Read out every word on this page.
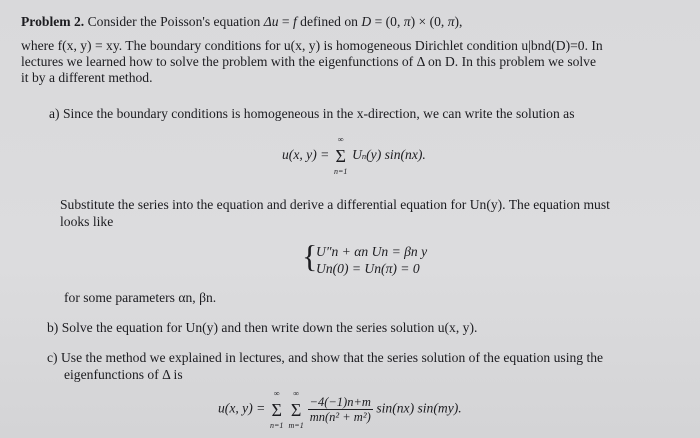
Problem 2. Consider the Poisson's equation Δu = f defined on D = (0, π) × (0, π),
where f(x, y) = xy. The boundary conditions for u(x, y) is homogeneous Dirichlet condition u|bnd(D)=0. In
lectures we learned how to solve the problem with the eigenfunctions of Δ on D. In this problem we solve
it by a different method.
a) Since the boundary conditions is homogeneous in the x-direction, we can write the solution as
u(x, y) = Σ
∞
n=1
Un(y) sin(nx).
Substitute the series into the equation and derive a differential equation for Un(y). The equation must
looks like
{
U″n + αn Un = βn y
Un(0) = Un(π) = 0
for some parameters αn, βn.
b) Solve the equation for Un(y) and then write down the series solution u(x, y).
c) Use the method we explained in lectures, and show that the series solution of the equation using the
eigenfunctions of Δ is
u(x, y) = Σ
∞
n=1
Σ
∞
m=1

$\frac{-4(-1)n+m}{\text{mn(n² + m²)}} \sin(nx)$ sin(my).
